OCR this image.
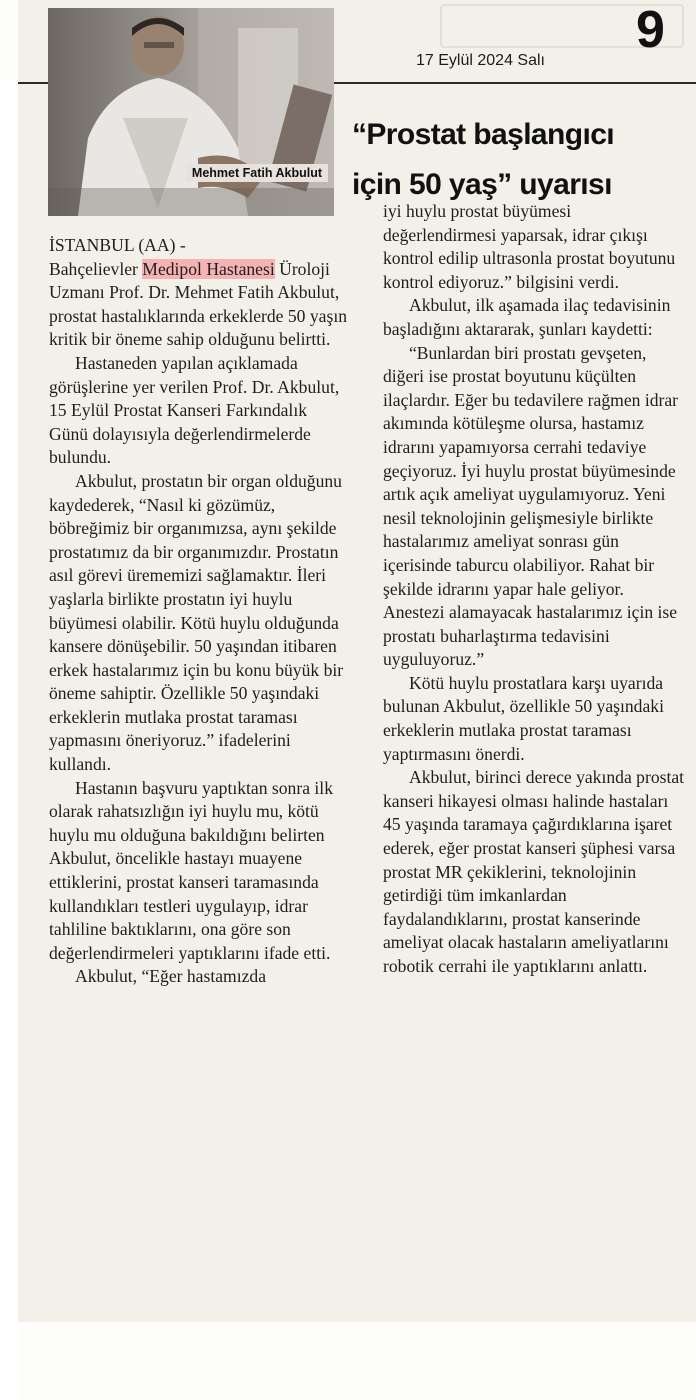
17 Eylül 2024 Salı
9
Mehmet Fatih Akbulut
“Prostat başlangıcı
için 50 yaş” uyarısı

İSTANBUL (AA) -

Bahçelievler Medipol Hastanesi Üroloji Uzmanı Prof. Dr. Mehmet Fatih Akbulut, prostat hastalıklarında erkeklerde 50 yaşın kritik bir öneme sahip olduğunu belirtti.

Hastaneden yapılan açıklamada görüşlerine yer verilen Prof. Dr. Akbulut, 15 Eylül Prostat Kanseri Farkındalık Günü dolayısıyla değerlendirmelerde bulundu.

Akbulut, prostatın bir organ olduğunu kaydederek, “Nasıl ki gözümüz, böbreğimiz bir organımızsa, aynı şekilde prostatımız da bir organımızdır. Prostatın asıl görevi ürememizi sağlamaktır. İleri yaşlarla birlikte prostatın iyi huylu büyümesi olabilir. Kötü huylu olduğunda kansere dönüşebilir. 50 yaşından itibaren erkek hastalarımız için bu konu büyük bir öneme sahiptir. Özellikle 50 yaşındaki erkeklerin mutlaka prostat taraması yapmasını öneriyoruz.” ifadelerini kullandı.

Hastanın başvuru yaptıktan sonra ilk olarak rahatsızlığın iyi huylu mu, kötü huylu mu olduğuna bakıldığını belirten Akbulut, öncelikle hastayı muayene ettiklerini, prostat kanseri taramasında kullandıkları testleri uygulayıp, idrar tahliline baktıklarını, ona göre son değerlendirmeleri yaptıklarını ifade etti.

Akbulut, “Eğer hastamızda

iyi huylu prostat büyümesi değerlendirmesi yaparsak, idrar çıkışı kontrol edilip ultrasonla prostat boyutunu kontrol ediyoruz.” bilgisini verdi.

Akbulut, ilk aşamada ilaç tedavisinin başladığını aktararak, şunları kaydetti:

“Bunlardan biri prostatı gevşeten, diğeri ise prostat boyutunu küçülten ilaçlardır. Eğer bu tedavilere rağmen idrar akımında kötüleşme olursa, hastamız idrarını yapamıyorsa cerrahi tedaviye geçiyoruz. İyi huylu prostat büyümesinde artık açık ameliyat uygulamıyoruz. Yeni nesil teknolojinin gelişmesiyle birlikte hastalarımız ameliyat sonrası gün içerisinde taburcu olabiliyor. Rahat bir şekilde idrarını yapar hale geliyor. Anestezi alamayacak hastalarımız için ise prostatı buharlaştırma tedavisini uyguluyoruz.”

Kötü huylu prostatlara karşı uyarıda bulunan Akbulut, özellikle 50 yaşındaki erkeklerin mutlaka prostat taraması yaptırmasını önerdi.

Akbulut, birinci derece yakında prostat kanseri hikayesi olması halinde hastaları 45 yaşında taramaya çağırdıklarına işaret ederek, eğer prostat kanseri şüphesi varsa prostat MR çekiklerini, teknolojinin getirdiği tüm imkanlardan faydalandıklarını, prostat kanserinde ameliyat olacak hastaların ameliyatlarını robotik cerrahi ile yaptıklarını anlattı.
